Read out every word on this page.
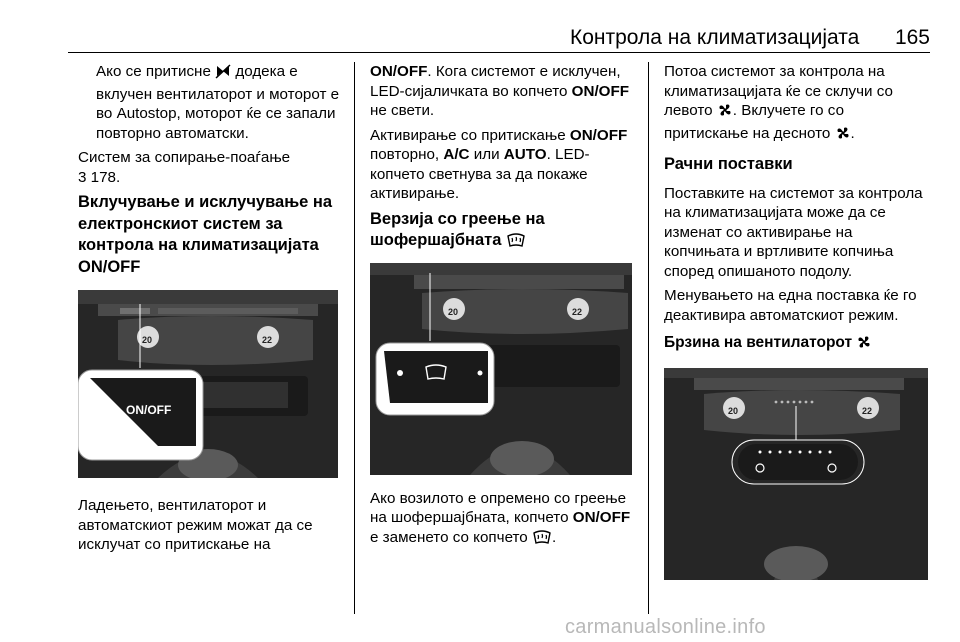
Контрола на климатизацијата 165
Ако се притисне  додека е вклучен вентилаторот и моторот е во Autostop, моторот ќе се запали повторно автоматски.
Систем за сопирање-поаѓање
3 178.
Вклучување и исклучување на електронскиот систем за контрола на климатизацијата ON/OFF
ON/OFF
20	22
Ладењето, вентилаторот и автоматскиот режим можат да се исклучат со притискање на
ON/OFF. Кога системот е исклучен, LED-сијаличката во копчето ON/OFF не свети.
Активирање со притискање ON/OFF повторно, A/C или AUTO. LED-копчето светнува за да покаже активирање.
Верзија со греење на шофершајбната
20	22
Ако возилото е опремено со греење на шофершајбната, копчето ON/OFF е заменето со копчето .
Потоа системот за контрола на климатизацијата ќе се склучи со левото . Вклучете го со притискање на десното .
Рачни поставки
Поставките на системот за контрола на климатизацијата може да се изменат со активирање на копчињата и вртливите копчиња според опишаното подолу.
Менувањето на една поставка ќе го деактивира автоматскиот режим.
Брзина на вентилаторот
20	22
carmanualsonline.info
